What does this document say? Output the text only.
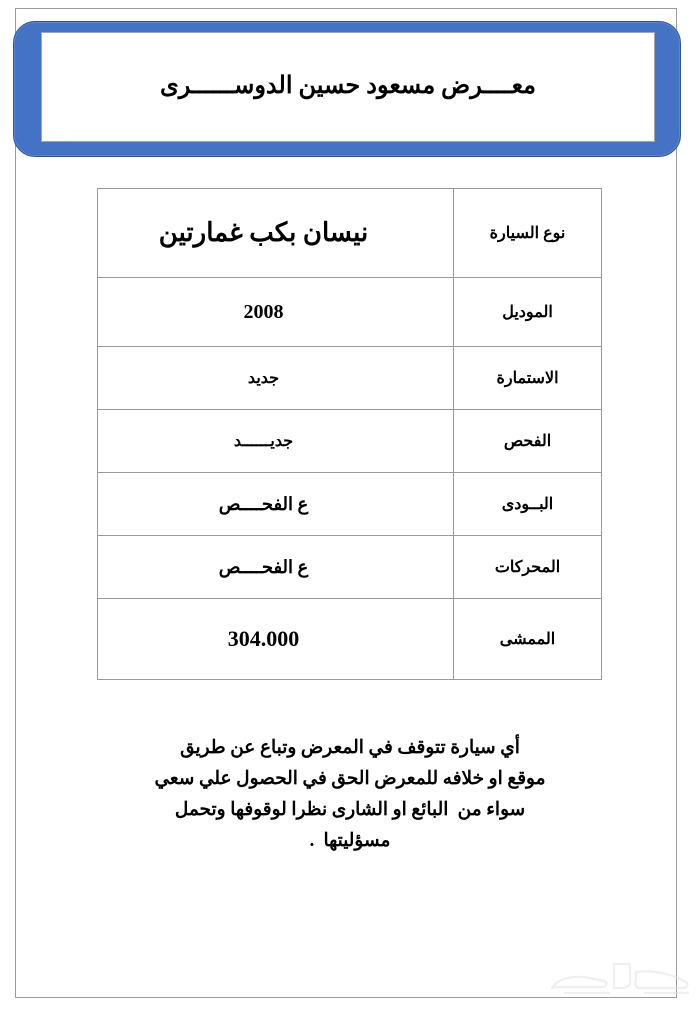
معــــرض مسعود حسين الدوســــــرى
نوع السيارة	نيسان بكب غمارتين
الموديل	2008
الاستمارة	جديد
الفحص	جديــــــد
البــودى	ع الفحــــص
المحركات	ع الفحــــص
الممشى	304.000
أي سيارة تتوقف في المعرض وتباع عن طريق
موقع او خلافه للمعرض الحق في الحصول علي سعي
سواء من  البائع او الشارى نظرا لوقوفها وتحمل
مسؤليتها  .
